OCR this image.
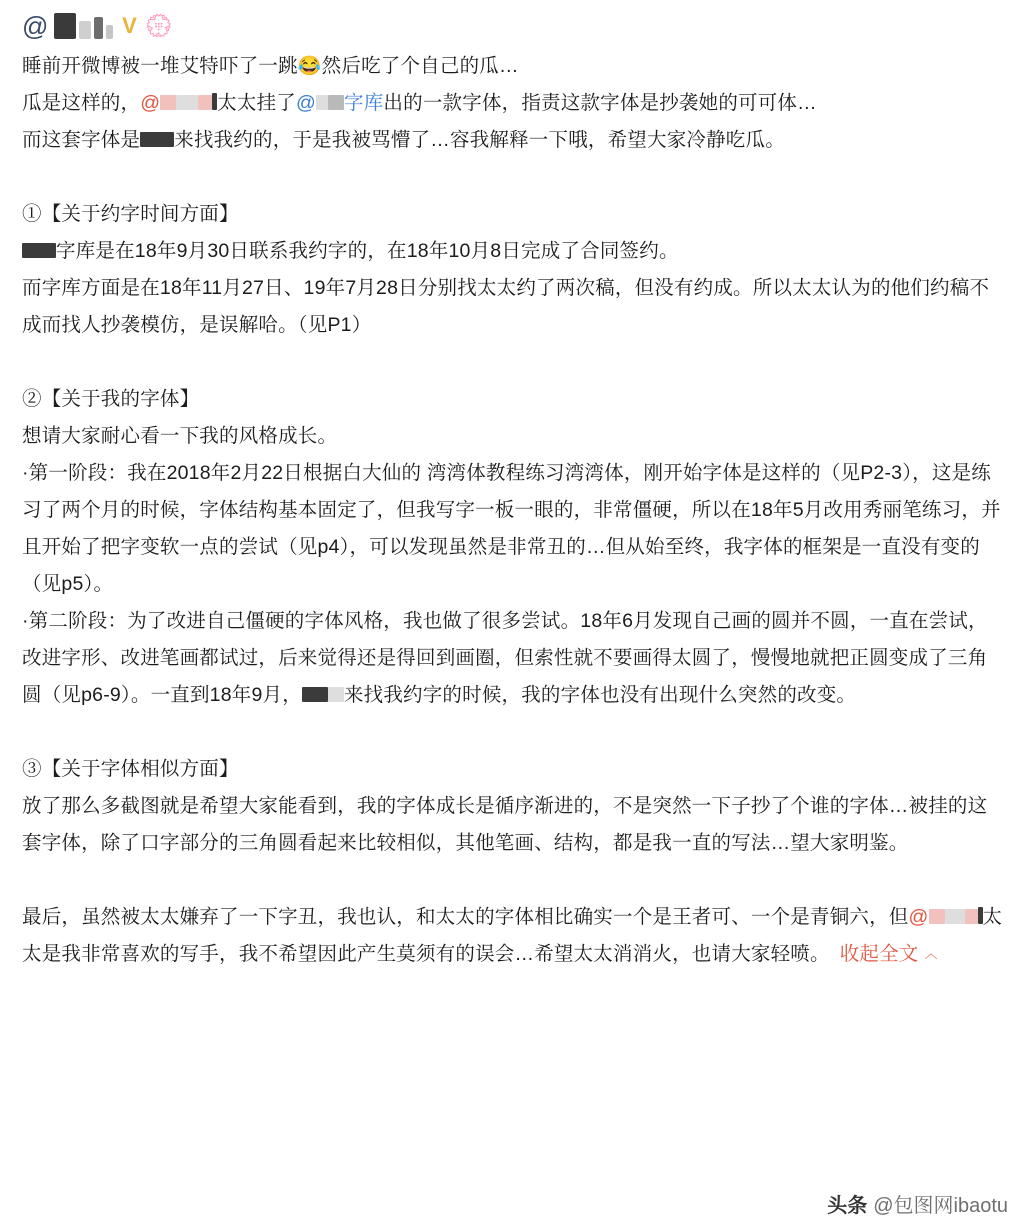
@	V 💮

睡前开微博被一堆艾特吓了一跳😂然后吃了个自己的瓜…

瓜是这样的，@	太太挂了@ 字库出的一款字体，指责这款字体是抄袭她的可可体…

而这套字体是 来找我约的，于是我被骂懵了…容我解释一下哦，希望大家冷静吃瓜。

①【关于约字时间方面】

字库是在18年9月30日联系我约字的，在18年10月8日完成了合同签约。

而字库方面是在18年11月27日、19年7月28日分别找太太约了两次稿，但没有约成。所以太太认为的他们约稿不成而找人抄袭模仿，是误解哈。（见P1）

②【关于我的字体】

想请大家耐心看一下我的风格成长。

·第一阶段：我在2018年2月22日根据白大仙的 湾湾体教程练习湾湾体，刚开始字体是这样的（见P2-3），这是练习了两个月的时候，字体结构基本固定了，但我写字一板一眼的，非常僵硬，所以在18年5月改用秀丽笔练习，并且开始了把字变软一点的尝试（见p4），可以发现虽然是非常丑的…但从始至终，我字体的框架是一直没有变的（见p5）。

·第二阶段：为了改进自己僵硬的字体风格，我也做了很多尝试。18年6月发现自己画的圆并不圆，一直在尝试，改进字形、改进笔画都试过，后来觉得还是得回到画圈，但索性就不要画得太圆了，慢慢地就把正圆变成了三角圆（见p6-9）。一直到18年9月， 来找我约字的时候，我的字体也没有出现什么突然的改变。

③【关于字体相似方面】

放了那么多截图就是希望大家能看到，我的字体成长是循序渐进的，不是突然一下子抄了个谁的字体…被挂的这套字体，除了口字部分的三角圆看起来比较相似，其他笔画、结构，都是我一直的写法…望大家明鉴。

最后，虽然被太太嫌弃了一下字丑，我也认，和太太的字体相比确实一个是王者可、一个是青铜六，但@	太太是我非常喜欢的写手，我不希望因此产生莫须有的误会…希望太太消消火，也请大家轻喷。 收起全文 ︿

头条 @包图网ibaotu
